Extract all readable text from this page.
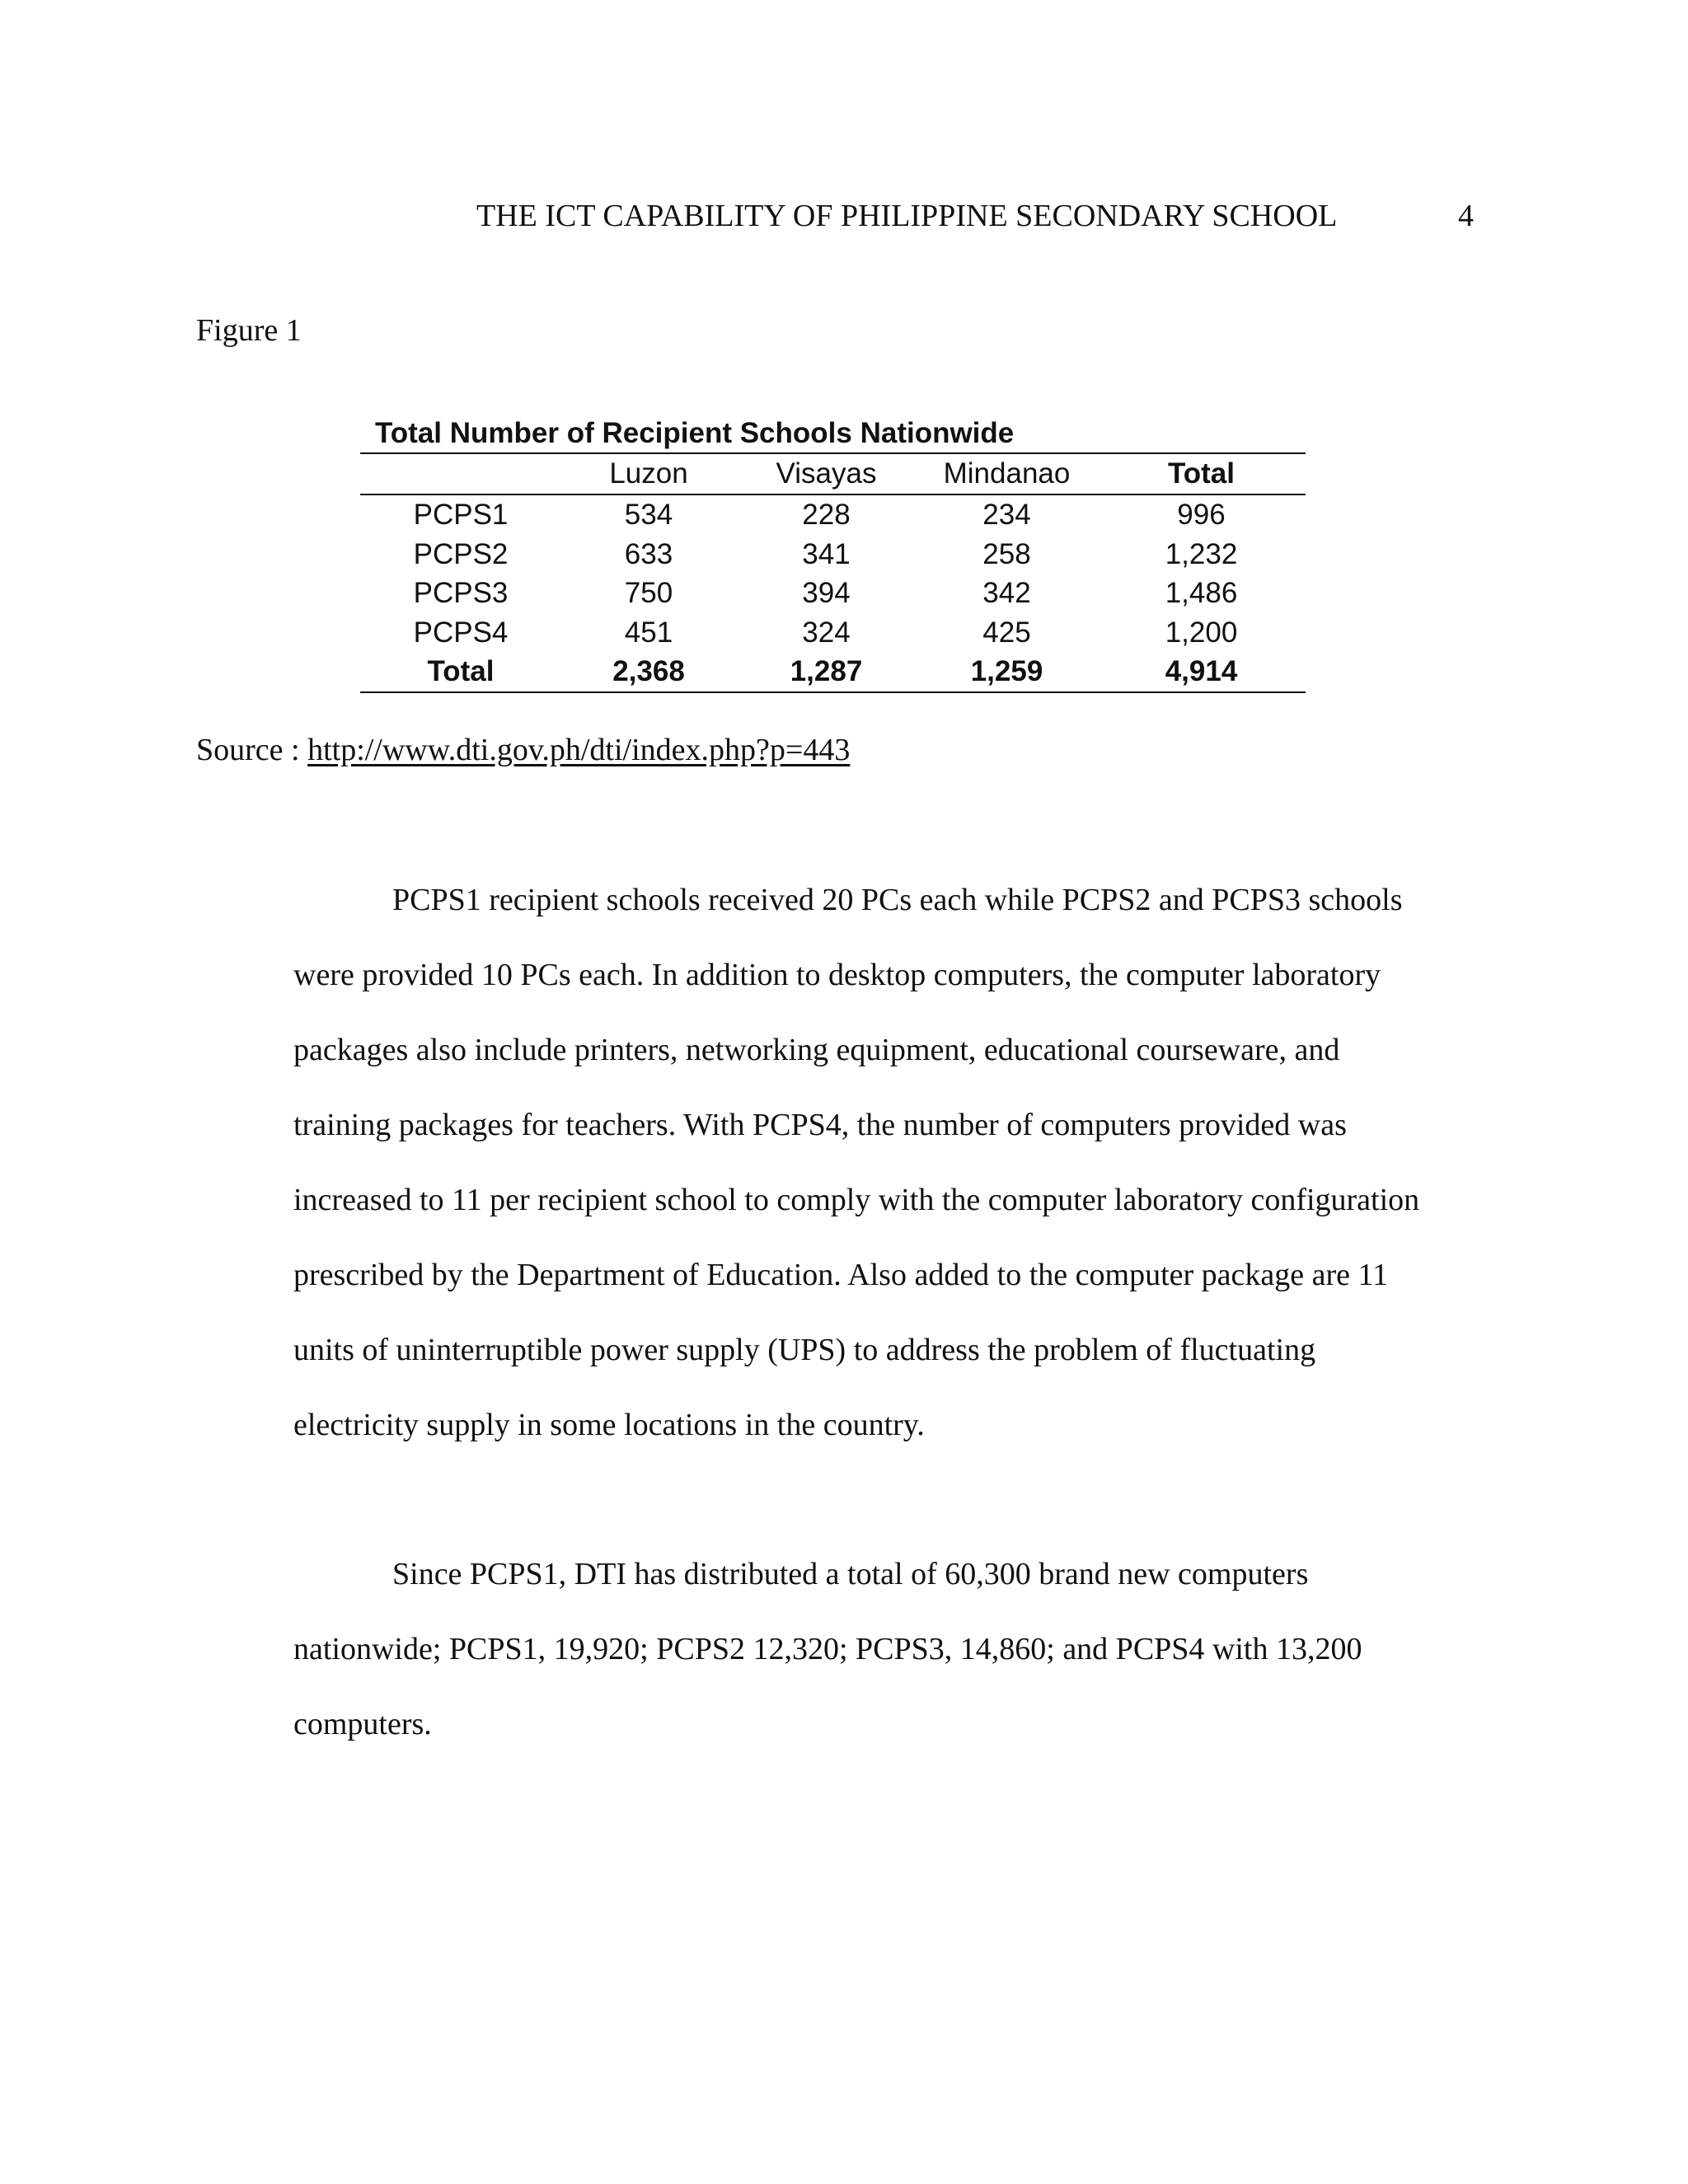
THE ICT CAPABILITY OF PHILIPPINE SECONDARY SCHOOL	4
Figure 1
Total Number of Recipient Schools Nationwide
	Luzon	Visayas	Mindanao	Total
PCPS1	534	228	234	996
PCPS2	633	341	258	1,232
PCPS3	750	394	342	1,486
PCPS4	451	324	425	1,200
Total	2,368	1,287	1,259	4,914
Source : http://www.dti.gov.ph/dti/index.php?p=443

PCPS1 recipient schools received 20 PCs each while PCPS2 and PCPS3 schools
were provided 10 PCs each. In addition to desktop computers, the computer laboratory
packages also include printers, networking equipment, educational courseware, and
training packages for teachers. With PCPS4, the number of computers provided was
increased to 11 per recipient school to comply with the computer laboratory configuration
prescribed by the Department of Education. Also added to the computer package are 11
units of uninterruptible power supply (UPS) to address the problem of fluctuating
electricity supply in some locations in the country.

Since PCPS1, DTI has distributed a total of 60,300 brand new computers
nationwide; PCPS1, 19,920; PCPS2 12,320; PCPS3, 14,860; and PCPS4 with 13,200
computers.
